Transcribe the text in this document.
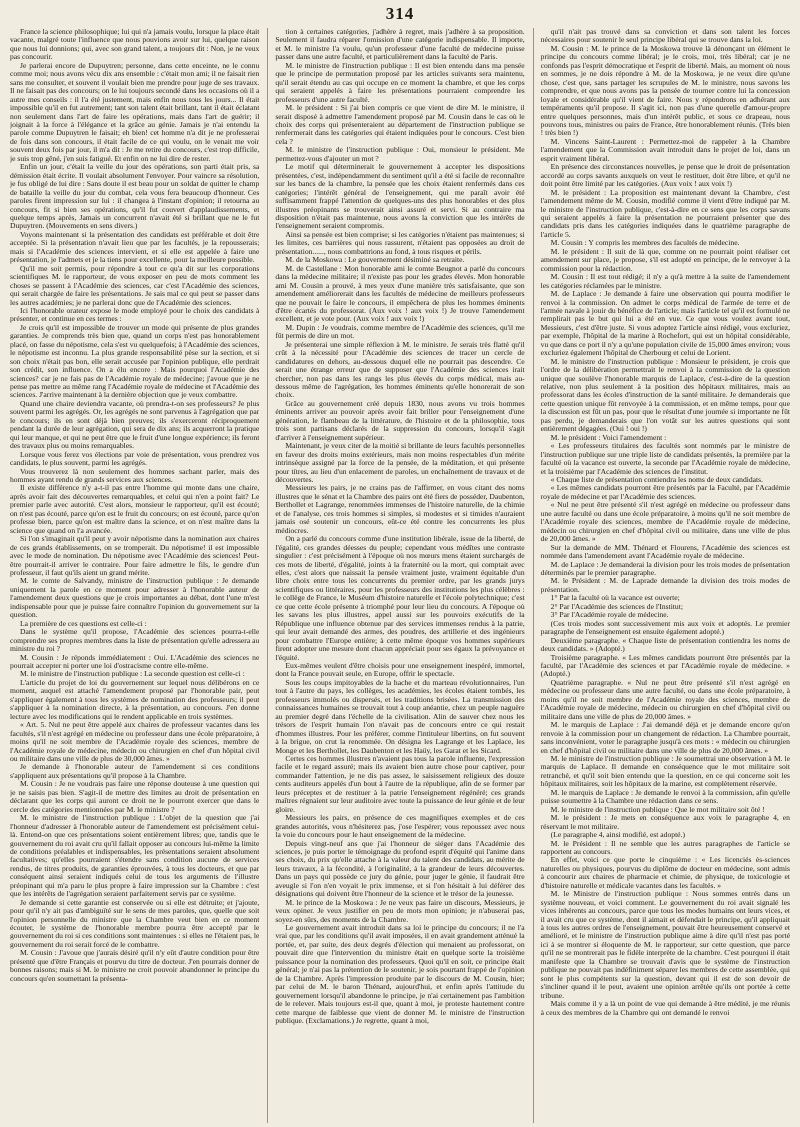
314

France la science philosophique; lui qui n'a jamais voulu, lorsque la place était vacante, malgré toute l'influence que nous pouvions avoir sur lui, quelque raison que nous lui donnions; qui, avec son grand talent, a toujours dit : Non, je ne veux pas concourir.

Je parlerai encore de Dupuytren; personne, dans cette enceinte, ne le connu comme moi; nous avons vécu dix ans ensemble : c'était mon ami; il ne faisait rien sans me consulter, et souvent il voulait bien me prendre pour juge de ses travaux. Il ne faisait pas des concours; on le lui toujours secondé dans les occasions où il a autre mes conseils : il l'a été justement, mais enfin nous tous les jours... Il était impossible qu'il en fut autrement; tant son talent était brillant, tant il était éclatant non seulement dans l'art de faire les opérations, mais dans l'art de guérir; il joignait à la force à l'élégance et la grâce au génie. Jamais je n'ai entendu la parole comme Dupuytren le faisait; eh bien! cet homme n'a dit je ne professerai de fois dans son concours, il était facile de ce qui voulu, on le venait me voir souvent deux fois par jour, il m'a dit : Je me retire du concours, c'est trop difficile, je suis trop gêné, j'en suis fatigué. Et enfin on ne lui dire de rester.

Enfin un jour, c'était la veille du jour des opérations, son parti était pris, sa démission était écrite. Il voulait absolument l'envoyer. Pour vaincre sa résolution, je fus obligé de lui dire : Sans doute il est beau pour un soldat de quitter le champ de bataille la veille du jour du combat, cela vous fera beaucoup d'honneur. Ces paroles firent impression sur lui : il changea à l'instant d'opinion; il retourna au concours, fit si bien ses opérations, qu'il fut couvert d'applaudissements, et quelque temps après, Jamais un concurrent n'avait été si brillant que ne le fut Dupuytren. (Mouvements en sens divers.)

Voyons maintenant si la présentation des candidats est préférable et doit être acceptée. Si la présentation n'avait lieu que par les facultés, je la repousserais; mais si l'Académie des sciences intervient, et si elle est appelée à faire une présentation, je l'admets et je la tiens pour excellente, pour la meilleure possible.

Qu'il me soit permis, pour répondre à tout ce qu'a dit sur les corporations scientifiques M. le rapporteur, de vous exposer en peu de mots comment les choses se passent à l'Académie des sciences, car c'est l'Académie des sciences, qui serait chargée de faire les présentations. Je sais mal ce qui peut se passer dans les autres académies; je ne parlerai donc que de l'Académie des sciences.

Ici l'honorable orateur expose le mode employé pour le choix des candidats à présenter, et continue en ces termes :

Je crois qu'il est impossible de trouver un mode qui présente de plus grandes garanties. Je comprends très bien que, quand un corps n'est pas honorablement placé, on fasse du népotisme, cela s'est vu quelquefois; à l'Académie des sciences, le népotisme est inconnu. La plus grande responsabilité pèse sur la section, et si son choix n'était pas bon, elle serait accusée par l'opinion publique, elle perdrait son crédit, son influence. On a élu encore : Mais pourquoi l'Académie des sciences? car je ne fais pas de l'Académie royale de médecine; j'avoue que je ne pense pas mettre au même rang l'Académie royale de médecine et l'Académie des sciences. J'arrive maintenant à la dernière objection que je veux combattre.

Quand une chaire deviendra vacante, où prendra-t-on ses professeurs? Je plus souvent parmi les agrégés. Or, les agrégés ne sont parvenus à l'agrégation que par le concours; ils en sont déjà bien preuves; ils s'exerceront réciproquement pendant la durée de leur agrégation, qui sera de dix ans; ils acquerront la pratique qui leur manque, et qui ne peut être que le fruit d'une longue expérience; ils feront des travaux plus ou moins remarquables.

Lorsque vous ferez vos élections par voie de présentation, vous prendrez vos candidats, le plus souvent, parmi les agrégés.

Vous trouverez là non seulement des hommes sachant parler, mais des hommes ayant rendu de grands services aux sciences.

Il existe différence n'y a-t-il pas entre l'homme qui monte dans une chaire, après avoir fait des découvertes remarquables, et celui qui n'en a point fait? Le premier parle avec autorité. C'est alors, monsieur le rapporteur, qu'il est écouté; on n'est pas écouté, parce qu'on est le fruit du concours; on est écouté, parce qu'on professe bien, parce qu'on est maître dans la science, et on n'est maître dans la science que quand on l'a avancée.

Si l'on s'imaginait qu'il peut y avoir népotisme dans la nomination aux chaires de ces grands établissements, on se tromperait. Du népotisme! il est impossible avec le mode de nomination. Du népotisme avec l'Académie des sciences! Peut-être pourrait-il arriver le contraire. Pour faire admettre le fils, le gendre d'un professeur, il faut qu'ils aient un grand mérite.

M. le comte de Salvandy, ministre de l'instruction publique : Je demande uniquement la parole en ce moment pour adresser à l'honorable auteur de l'amendement deux questions que je crois importantes au débat, dont l'une m'est indispensable pour que je puisse faire connaître l'opinion du gouvernement sur la question.

La première de ces questions est celle-ci :

Dans le système qu'il propose, l'Académie des sciences pourra-t-elle comprendre ses propres membres dans la liste de présentation qu'elle adressera au ministre du roi ?

M. Cousin : Je réponds immédiatement : Oui. L'Académie des sciences ne pourrait accepter ni porter une loi d'ostracisme contre elle-même.

M. le ministre de l'instruction publique : La seconde question est celle-ci :

L'article du projet de loi du gouvernement sur lequel nous délibérons en ce moment, auquel est attaché l'amendement proposé par l'honorable pair, peut s'appliquer également à tous les systèmes de nomination des professeurs; il peut s'appliquer à la nomination directe, à la présentation, au concours. J'en donne lecture avec les modifications qui le rendent applicable en trois systèmes.

« Art. 5. Nul ne peut être appelé aux chaires de professeur vacantes dans les facultés, s'il n'est agrégé en médecine ou professeur dans une école préparatoire, à moins qu'il ne soit membre de l'Académie royale des sciences, membre de l'Académie royale de médecine, médecin ou chirurgien en chef d'un hôpital civil ou militaire dans une ville de plus de 30,000 âmes. »

Je demande à l'honorable auteur de l'amendement si ces conditions s'appliquent aux présentations qu'il propose à la Chambre.

M. Cousin : Je ne voudrais pas faire une réponse douteuse à une question qui je ne saisis pas bien. S'agit-il de mettre des limites au droit de présentation en déclarant que les corps qui auront ce droit ne le pourront exercer que dans le cercle des catégories mentionnées par M. le ministre ?

M. le ministre de l'instruction publique : L'objet de la question que j'ai l'honneur d'adresser à l'honorable auteur de l'amendement est précisément celui-là. Entend-on que ces présentations soient entièrement libres; que, tandis que le gouvernement du roi avait cru qu'il fallait opposer au concours lui-même la limite de conditions préalables et indispensables, les présentations seraient absolument facultatives; qu'elles pourraient s'étendre sans condition aucune de services rendus, de titres produits, de garanties éprouvées, à tous les docteurs, et que par conséquent ainsi seraient indiqués celui de tous les arguments de l'illustre préopinant qui m'a paru le plus propre à faire impression sur la Chambre : c'est que les intérêts de l'agrégation seraient parfaitement servis par ce système.

Je demande si cette garantie est conservée ou si elle est détruite; et j'ajoute, pour qu'il n'y ait pas d'ambiguïté sur le sens de mes paroles, que, quelle que soit l'opinion personnelle du ministre que la Chambre veut bien en ce moment écouter, le système de l'honorable membre pourra être accepté par le gouvernement du roi si ces conditions sont maintenues : si elles ne l'étaient pas, le gouvernement du roi serait forcé de le combattre.

M. Cousin : J'avoue que j'aurais désiré qu'il n'y eût d'autre condition pour être présenté que d'être Français et pourvu du titre de docteur. J'en pourrais donner de bonnes raisons; mais si M. le ministre ne croit pouvoir abandonner le principe du concours qu'en soumettant la présenta-

tion à certaines catégories, j'adhère à regret, mais j'adhère à sa proposition. Seulement il faudra réparer l'omission d'une catégorie indispensable. Il importe, et M. le ministre l'a voulu, qu'un professeur d'une faculté de médecine puisse passer dans une autre faculté, et particulièrement dans la faculté de Paris.

M. le ministre de l'instruction publique : Il est bien entendu dans ma pensée que le principe de permutation proposé par les articles suivants sera maintenu, qu'il serait étendu au cas qui occupe en ce moment la chambre, et que les corps qui seraient appelés à faire les présentations pourraient comprendre les professeurs d'une autre faculté.

M. le président : Si j'ai bien compris ce que vient de dire M. le ministre, il serait disposé à admettre l'amendement proposé par M. Cousin dans le cas où le choix des corps qui présenteraient au département de l'instruction publique se renfermerait dans les catégories qui étaient indiquées pour le concours. C'est bien cela ?

M. le ministre de l'instruction publique : Oui, monsieur le président. Me permettez-vous d'ajouter un mot ?

Le motif qui déterminerait le gouvernement à accepter les dispositions présentées, c'est, indépendamment du sentiment qu'il a été si facile de reconnaître sur les bancs de la chambre, la pensée que les choix étaient renfermés dans ces catégories; l'intérêt général de l'enseignement, qui me paraît avoir été suffisamment frappé l'attention de quelques-uns des plus honorables et des plus illustres préopinants se trouverait ainsi assuré et servi. Si au contraire ma disposition n'était pas maintenue, nous avons la conviction que les intérêts de l'enseignement seraient compromis.

Ainsi sa pensée est bien comprise; si les catégories n'étaient pas maintenues; si les limites, ces barrières qui nous rassurent, n'étaient pas opposées au droit de présentation......, nous combattrions au fond, à tous risques et périls.

M. de la Moskowa : Le gouvernement désiminé sa retraite.

M. de Castellane : Mon honorable ami le comte Beugnot a parlé du concours dans la médecine militaire; il n'existe pas pour les grades élevés. Mon honorable ami M. Cousin a prouvé, à mes yeux d'une manière très satisfaisante, que son amendement améliorerait dans les facultés de médecine de meilleurs professeurs que ne pouvait le faire le concours, il empêchera de plus les hommes éminents d'être écartés du professorat. (Aux voix ! aux voix !) Je trouve l'amendement excellent, et je vote pour. (Aux voix ! aux voix !)

M. Dupin : Je voudrais, comme membre de l'Académie des sciences, qu'il me fût permis de dire un mot.

Je présenterai une simple réflexion à M. le ministre. Je serais très flatté qu'il crût à la nécessité pour l'Académie des sciences de tracer un cercle de candidatures en dehors, au-dessous duquel elle ne pourrait pas descendre. Ce serait une étrange erreur que de supposer que l'Académie des sciences irait chercher, non pas dans les rangs les plus élevés du corps médical, mais au-dessous même de l'agrégation, les hommes éminents qu'elle honorerait de son choix.

Grâce au gouvernement créé depuis 1830, nous avons vu trois hommes éminents arriver au pouvoir après avoir fait briller pour l'enseignement d'une génération, le flambeau de la littérature, de l'histoire et de la philosophie, tous trois sont partisans déclarés de la suppression du concours, lorsqu'il s'agit d'arriver à l'enseignement supérieur.

Maintenant, je veux citer de la moitié si brillante de leurs facultés personnelles en faveur des droits moins extérieurs, mais non moins respectables d'un mérite intrinsèque assigné par la force de la pensée, de la méditation, et qui présente pour títres, au lieu d'un enlacement de paroles, un enchaînement de travaux et de découvertes.

Messieurs les pairs, je ne crains pas de l'affirmer, en vous citant des noms illustres que le sénat et la Chambre des pairs ont été fiers de posséder, Daubenton, Berthollet et Lagrange, renommées immenses de l'histoire naturelle, de la chimie et de l'analyse, ces trois hommes si simples, si modestes et si timides n'auraient jamais osé soutenir un concours, eût-ce été contre les concurrents les plus médiocres.

On a parlé du concours comme d'une institution libérale, issue de la liberté, de l'égalité, ces grandes déesses du peuple; cependant vous médîtes une contraste singulier : c'est précisément à l'époque où nos mœurs mens étaient surchargés de ces mots de liberté, d'égalité, joints à la fraternité ou la mort, qui comptait avec elles, c'est alors que naissait la pensée vraiment juste, vraiment équitable d'un libre choix entre tous les concurrents du premier ordre, par les grands jurys scientifiques ou littéraires, pour les professeurs des institutions les plus célèbres : le collège de France, le Muséum d'histoire naturelle et l'école polytechnique; c'est ce que cette école présente à triomphé pour leur lieu du concours. A l'époque où les savans les plus illustres, appel aussi sur les pouvoirs exécutifs de la République une influence obtenue par des services immenses rendus à la patrie, qui leur avait demandé des armes, des poudres, des artillerie et des ingénieurs pour combattre l'Europe entière; à cette même époque vos hommes supérieurs firent adopter une mesure dont chacun appréciait pour ses égaux la prévoyance et l'équité.

Eux-mêmes veulent d'être choisis pour une enseignement inespéré, immortel, dont la France pouvait seule, en Europe, offrir le spectacle.

Sous les coups impitoyables de la hache et du marteau révolutionnaires, l'un tout à l'autre du pays, les collèges, les académies, les écoles étaient tombés, les professeurs immolés ou dispersés, et les traditions brisées. La transmission des connaissances humaines se trouvait tout à coup anéantie, chez un peuple naguère au premier degré dans l'échelle de la civilisation. Alin de sauver chez nous les trésors de l'esprit humain l'on n'avait pas de concours entre ce qui restait d'hommes illustres. Pour les préférer, comme l'intituleur libertins, on fut souvent à la brigue, on crut la renommée. On désigna les Lagrange et les Laplace, les Monge et les Berthollet, les Daubenton et les Haüy, les Garat et les Sicard.

Certes ces hommes illustres n'avaient pas tous la parole influente, l'expression facile et le regard assuré; mais ils avaient bien autre chose pour captiver, pour commander l'attention, je ne dis pas assez, le saisissement religieux des douze cents auditeurs appelés d'un bout à l'autre de la république, afin de se former par leurs préceptes et de restituer à la patrie l'enseignement régénéré; ces grands maîtres régnaient sur leur auditoire avec toute la puissance de leur génie et de leur gloire.

Messieurs les pairs, en présence de ces magnifiques exemples et de ces grandes autorités, vous n'hésiterez pas, j'ose l'espérer; vous repoussez avec nous la voie du concours pour le haut enseignement de la médecine.

Depuis vingt-neuf ans que j'ai l'honneur de siéger dans l'Académie des sciences, je puis porter le témoignage du profond esprit d'équité qui l'anime dans ses choix, du prix qu'elle attache à la valeur du talent des candidats, au mérite de leurs travaux, à la fécondité, à l'originalité, à la grandeur de leurs découvertes. Dans un pays qui possède ce jury du génie, pour juger le génie, il faudrait être aveugle si l'on n'en voyait le prix immense, et si l'on hésitait à lui déférer des désignations qui doivent être l'honneur de la science et le trésor de la jeunesse.

M. le prince de la Moskowa : Je ne veux pas faire un discours, Messieurs, je veux opiner. Je veux justifier en peu de mots mon opinion; je n'abuserai pas, soyez-en sûrs, des moments de la Chambre.

Le gouvernement avait introduit dans sa loi le principe du concours; il ne l'a vrai que, par les conditions qu'il avait imposées, il en avait grandement atténué la portée, et, par suite, des deux degrés d'élection qui menaient au professorat, on pouvait dire que l'intervention du ministre était en quelque sorte la troisième puissance pour la nomination des professeurs. Quoi qu'il en soit, ce principe était général; je n'ai pas la prétention de le soutenir, je sois pourtant frappé de l'opinion de la Chambre. Après l'impression produite par le discours de M. Cousin, hier; par celui de M. le baron Thénard, aujourd'hui, et enfin après l'attitude du gouvernement lorsqu'il abandonne le principe, je n'ai certainement pas l'ambition de le relever. Mais toujours est-il que, quant à moi, je proteste hautement contre cette marque de faiblesse que vient de donner M. le ministre de l'instruction publique. (Exclamations.) Je regrette, quant à moi,

qu'il n'ait pas trouvé dans sa conviction et dans son talent les forces nécessaires pour soutenir le seul principe libéral qui se trouve dans la loi.

M. Cousin : M. le prince de la Moskowa trouve là dénonçant un élément le principe du concours comme libéral; je le crois, moi, très libéral; car je ne confonds pas l'esprit démocratique et l'esprit de liberté. Mais, au moment où nous en sommes, je ne dois répondre à M. de la Moskowa, je ne veux dire qu'une chose, c'est que, sans partager les scrupules de M. le ministre, nous savons les comprendre, et que nous avons pas la pensée de tourner contre lui la concession loyale et considérable qu'il vient de faire. Nous y répondrons en adhérant aux tempéraments qu'il propose. Il s'agit ici, non pas d'une querelle d'amour-propre entre quelques personnes, mais d'un intérêt public, et sous ce drapeau, nous pouvons tous, ministres ou pairs de France, être honorablement réunis. (Très bien ! très bien !)

M. Vincens Saint-Laurent : Permettez-moi de rappeler à la Chambre l'amendement que la Commission avait introduit dans le projet de loi, dans un esprit vraiment libéral.

En présence des circonstances nouvelles, je pense que le droit de présentation accordé au corps savants auxquels on veut le restituer, doit être libre, et qu'il ne doit point être limité par les catégories. (Aux voix ! aux voix !)

M. le président : La proposition est maintenant devant la Chambre, c'est l'amendement même de M. Cousin, modifié comme il vient d'être indiqué par M. le ministre de l'instruction publique, c'est-à-dire en ce sens que les corps savans qui seraient appelés à faire la présentation ne pourraient présenter que des candidats pris dans les catégories indiquées dans le quatrième paragraphe de l'article 5.

M. Cousin : Y compris les membres des facultés de médecine.

M. le président : Il suit de là que, comme on ne pourrait point réaliser cet amendement sur place, je propose, s'il est adopté en principe, de le renvoyer à la commission pour la rédaction.

M. Cousin : Il est tout rédigé; il n'y a qu'à mettre à la suite de l'amendement les catégories réclamées par le ministre.

M. de Laplace : Je demande à faire une observation qui pourra modifier le renvoi à la commission. On admet le corps médical de l'armée de terre et de l'armée navale à jouir du bénéfice de l'article; mais l'article tel qu'il est formulé ne remplirait pas le but qui lui a été en vue. Ce que vous voulez avant tout, Messieurs, c'est d'être juste. Si vous adoptez l'article ainsi rédigé, vous excluriez, par exemple, l'hôpital de la marine à Rochefort, qui est un hôpital considérable, vu que dans ce port il n'y a qu'une population civile de 15,000 âmes environ; vous excluriez également l'hôpital de Cherbourg et celui de Lorient.

M. le ministre de l'instruction publique : Monsieur le président, je crois que l'ordre de la délibération permettrait le renvoi à la commission de la question unique que soulève l'honorable marquis de Laplace, c'est-à-dire de la question relative, non plus seulement à la position des hôpitaux militaires, mais au professorat dans les écoles d'instruction de la santé militaire. Je demanderais que cette question unique fût renvoyée à la commission, et en même temps, pour que la discussion est fût un pas, pour que le résultat d'une journée si importante ne fût pas perdu, je demanderais que l'on votât sur les autres questions qui sont entièrement dégagées. (Oui ! oui !)

M. le président : Voici l'amendement :

« Les professeurs titulaires des facultés sont nommés par le ministre de l'instruction publique sur une triple liste de candidats présentés, la première par la faculté où la vacance est ouverte, la seconde par l'Académie royale de médecine, et la troisième par l'Académie des sciences de l'institut.

« Chaque liste de présentation contiendra les noms de deux candidats.

« Les mêmes candidats pourront être présentés par la Faculté, par l'Académie royale de médecine et par l'Académie des sciences.

« Nul ne peut être présenté s'il n'est agrégé en médecine ou professeur dans une autre faculté ou dans une école préparatoire, à moins qu'il ne soit membre de l'Académie royale des sciences, membre de l'Académie royale de médecine, médecin ou chirurgien en chef d'hôpital civil ou militaire, dans une ville de plus de 20,000 âmes. »

Sur la demande de MM. Thénard et Flourens, l'Académie des sciences est nommée dans l'amendement avant l'Académie royale de médecine.

M. de Laplace : Je demanderai la division pour les trois modes de présentation déterminés par le premier paragraphe.

M. le Président : M. de Laprade demande la division des trois modes de présentation.

1° Par la faculté où la vacance est ouverte;

2° Par l'Académie des sciences de l'Institut;

3° Par l'Académie royale de médecine.

(Ces trois modes sont successivement mis aux voix et adoptés. Le premier paragraphe de l'enseignement est ensuite également adopté.)

Deuxième paragraphe. « Chaque liste de présentation contiendra les noms de deux candidats. » (Adopté.)

Troisième paragraphe. « Les mêmes candidats pourront être présentés par la faculté, par l'Académie des sciences et par l'Académie royale de médecine. » (Adopté.)

Quatrième paragraphe. « Nul ne peut être présenté s'il n'est agrégé en médecine ou professeur dans une autre faculté, ou dans une école préparatoire, à moins qu'il ne soit membre de l'Académie royale des sciences, membre de l'Académie royale de médecine, médecin ou chirurgien en chef d'hôpital civil ou militaire dans une ville de plus de 20,000 âmes. »

M. le marquis de Laplace : J'ai demandé déjà et je demande encore qu'on renvoie à la commission pour un changement de rédaction. La Chambre pourrait, sans inconvénient, voter le paragraphe jusqu'à ces mots : « médecin ou chirurgien en chef d'hôpital civil ou militaire dans une ville de plus de 20,000 âmes. »

M. le ministre de l'instruction publique : Je soumettrai une observation à M. le marquis de Laplace. Il demande en conséquence que le mot militaire soit retranché, et qu'il soit bien entendu que la question, en ce qui concerne soit les hôpitaux militaires, soit les hôpitaux de la marine, est complètement réservée.

M. le marquis de Laplace : Je demande le renvoi à la commission, afin qu'elle puisse soumettre à la Chambre une rédaction dans ce sens.

M. le ministre de l'instruction publique : Que le mot militaire soit ôté !

M. le président : Je mets en conséquence aux voix le paragraphe 4, en réservant le mot militaire.

(Le paragraphe 4, ainsi modifié, est adopté.)

M. le Président : Il ne semble que les autres paragraphes de l'article se rapportent au concours.

En effet, voici ce que porte le cinquième : « Les licenciés ès-sciences naturelles ou physiques, pourvus du diplôme de docteur en médecine, sont admis à concourir aux chaires de pharmacie et chimie, de physique, de toxicologie et d'histoire naturelle et médicale vacantes dans les facultés. »

M. le Ministre de l'instruction publique : Nous sommes entrés dans un système nouveau, et voici comment. Le gouvernement du roi avait signalé les vices inhérents au concours, parce que tous les modes humains ont leurs vices, et il avait cru que ce système, dont il aimait et défendait le principe, qu'il appliquait à tous les autres ordres de l'enseignement, pouvait être heureusement conservé et amélioré, et le ministre de l'instruction publique aime à dire qu'il n'est pas porté ici à se montrer si éloquente de M. le rapporteur, sur cette question, que parce qu'il ne se montrerait pas le fidèle interprète de la chambre. C'est pourquoi il était manifeste que la Chambre se trouvait d'avis que le système de l'instruction publique ne pouvait pas indéfiniment séparer les membres de cette assemblée, qui sont le plus compétents sur la question, devant qui il est de son devoir de s'incliner quand il le peut, avaient une opinion arrêtée qu'ils ont portée à cette tribune.

Mais comme il y a là un point de vue qui demande à être médité, je me réunis à ceux des membres de la Chambre qui ont demandé le renvoi
